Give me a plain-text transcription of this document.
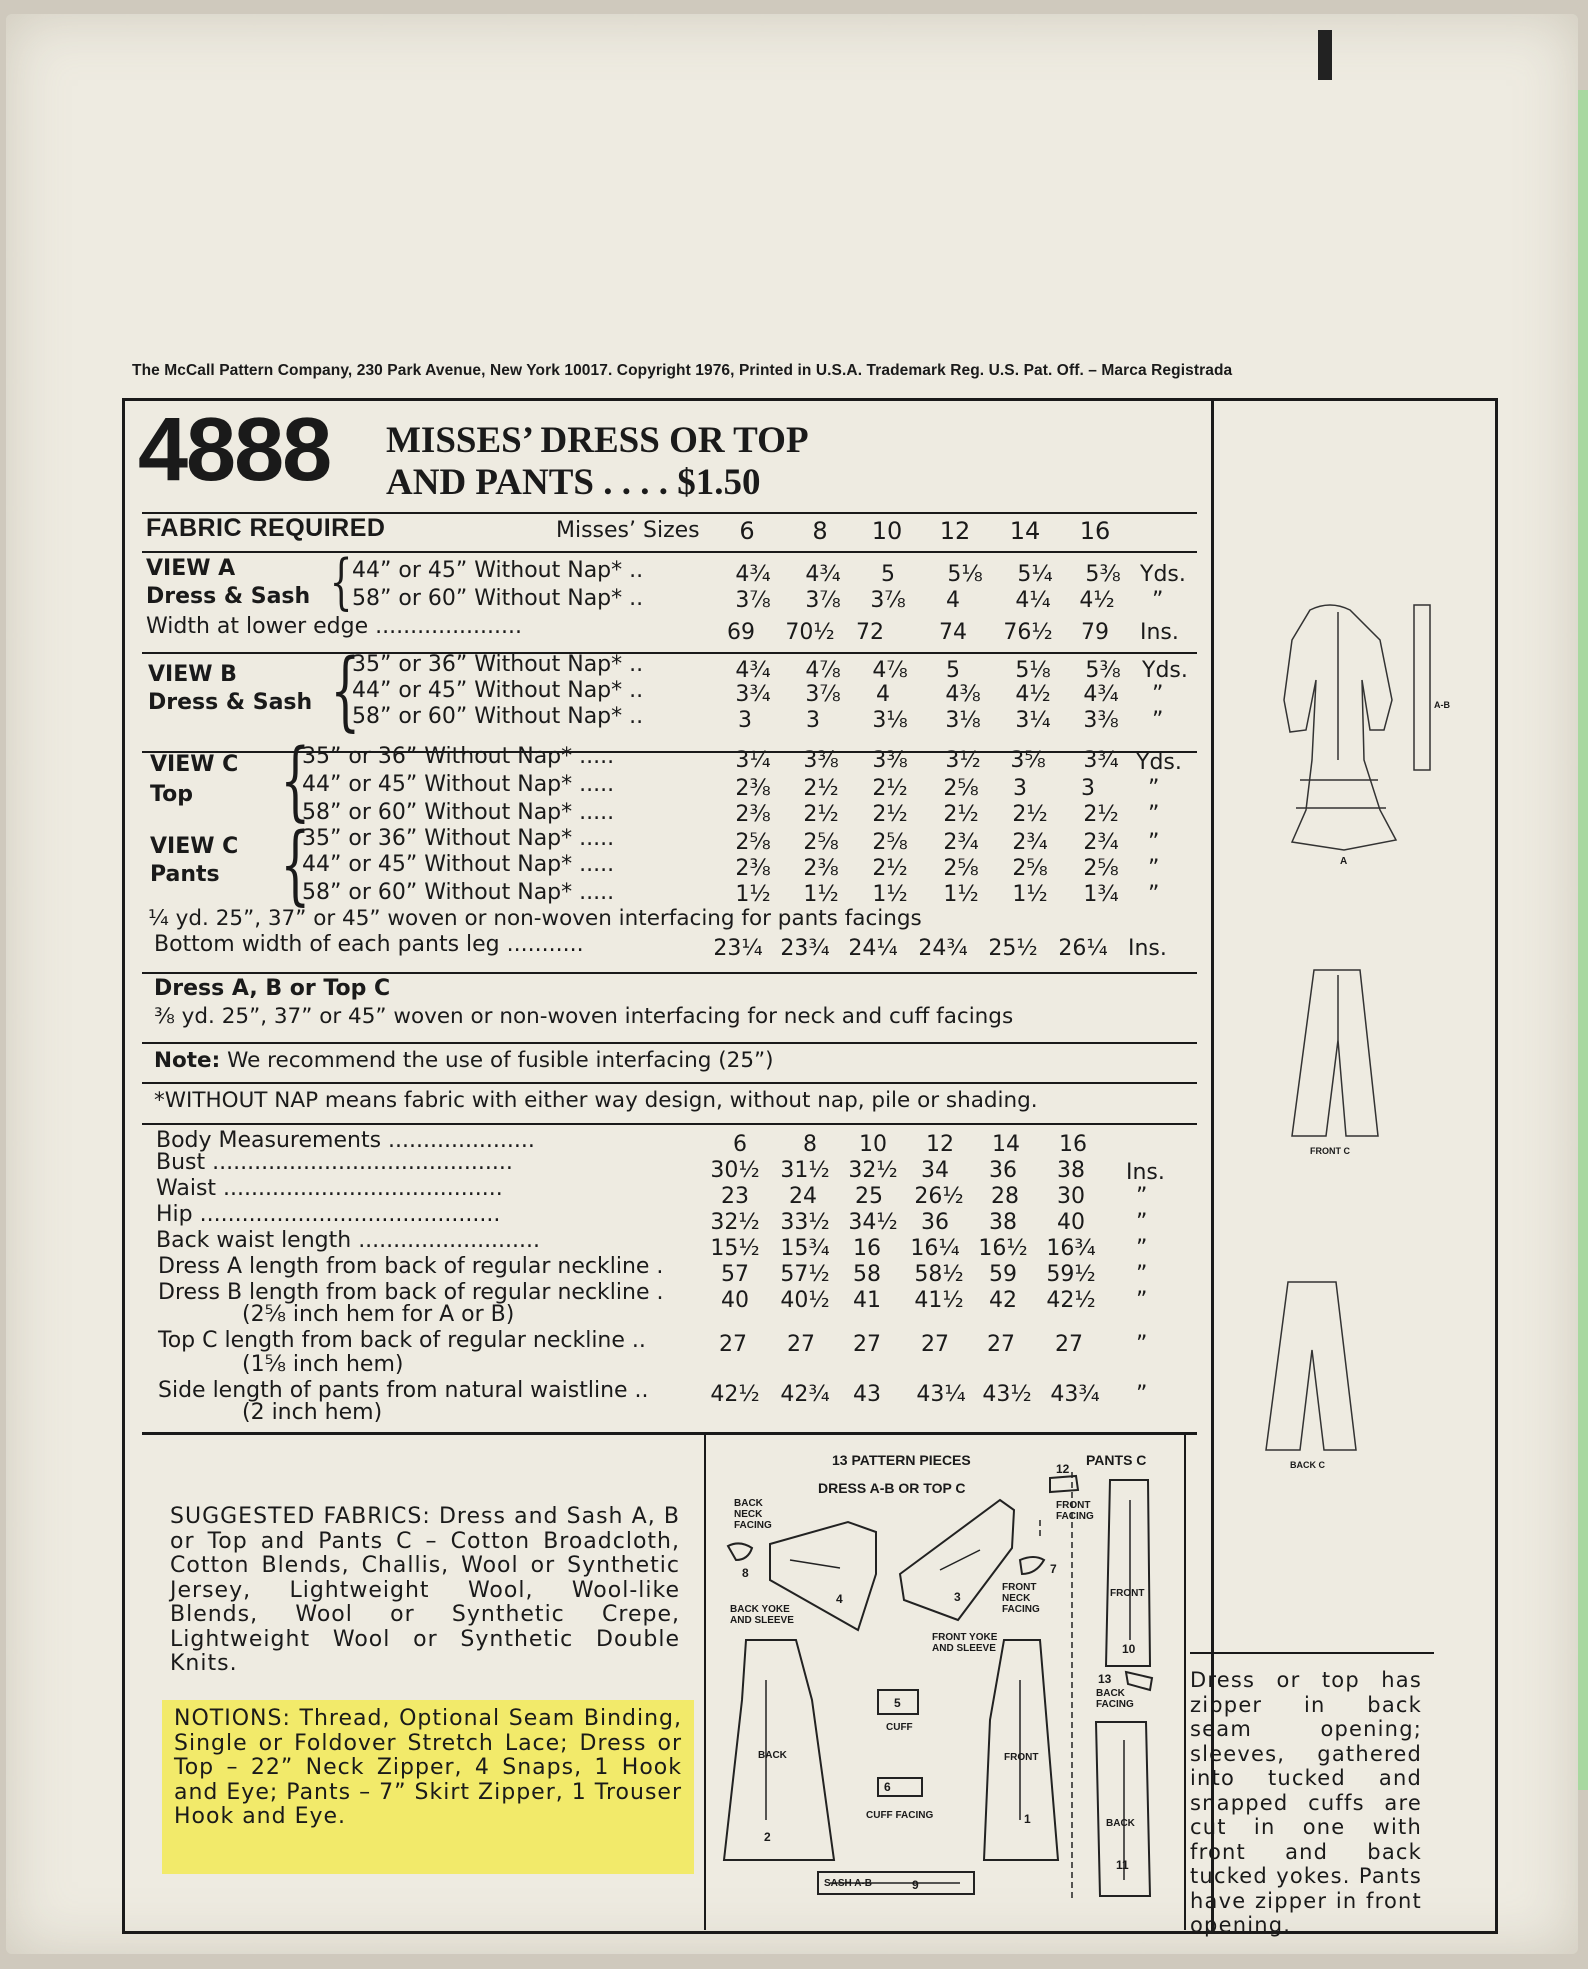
The McCall Pattern Company, 230 Park Avenue, New York 10017. Copyright 1976, Printed in U.S.A. Trademark Reg. U.S. Pat. Off. – Marca Registrada
4888 MISSES’ DRESS OR TOP
AND PANTS . . . . $1.50
FABRIC REQUIRED	Misses’ Sizes	6	8	10	12	14	16
VIEW A
Dress & Sash { 44” or 45” Without Nap* ..	4¾	4¾	5	5⅛	5¼	5⅜ Yds.
58” or 60” Without Nap* ..	3⅞	3⅞	3⅞	4	4¼	4½	”
Width at lower edge .....................	69	70½ 72	74	76½	79	Ins.
VIEW B
Dress & Sash {
35” or 36” Without Nap* ..	4¾	4⅞	4⅞	5	5⅛	5⅜ Yds.
44” or 45” Without Nap* ..	3¾	3⅞	4	4⅜	4½	4¾	”
58” or 60” Without Nap* ..	3	3	3⅛	3⅛	3¼	3⅜	”
VIEW C
Top {
35” or 36” Without Nap* .....	3¼	3⅜	3⅜	3½	3⅝	3¾ Yds.
44” or 45” Without Nap* .....	2⅜	2½	2½	2⅝	3	3	”
58” or 60” Without Nap* .....	2⅜	2½	2½	2½	2½	2½	”
VIEW C
Pants {
35” or 36” Without Nap* .....	2⅝	2⅝	2⅝	2¾	2¾	2¾	”
44” or 45” Without Nap* .....	2⅜	2⅜	2½	2⅝	2⅝	2⅝	”
58” or 60” Without Nap* .....	1½	1½	1½	1½	1½	1¾	”
¼ yd. 25”, 37” or 45” woven or non-woven interfacing for pants facings
Bottom width of each pants leg ...........	23¼ 23¾ 24¼ 24¾ 25½ 26¼ Ins.
Dress A, B or Top C
⅜ yd. 25”, 37” or 45” woven or non-woven interfacing for neck and cuff facings
Note: We recommend the use of fusible interfacing (25”)
*WITHOUT NAP means fabric with either way design, without nap, pile or shading.
Body Measurements .....................	6	8	10	12	14	16
Bust ...........................................	30½ 31½ 32½	34	36	38	Ins.
Waist ........................................	23	24	25	26½	28	30	”
Hip ...........................................	32½ 33½ 34½	36	38	40	”
Back waist length ..........................	15½ 15¾	16	16¼ 16½ 16¾	”
Dress A length from back of regular neckline .	57	57½	58	58½	59	59½	”
Dress B length from back of regular neckline .	40	40½	41	41½	42	42½	”
(2⅝ inch hem for A or B)
Top C length from back of regular neckline ..	27	27	27	27	27	27	”
(1⅝ inch hem)
Side length of pants from natural waistline ..	42½ 42¾	43	43¼ 43½ 43¾	”
(2 inch hem)
SUGGESTED FABRICS: Dress and Sash A, B or Top and Pants C – Cotton Broadcloth, Cotton Blends, Challis, Wool or Synthetic Jersey, Lightweight Wool, Wool-like Blends, Wool or Synthetic Crepe, Lightweight Wool or Synthetic Double Knits.
NOTIONS: Thread, Optional Seam Binding, Single or Foldover Stretch Lace; Dress or Top – 22” Neck Zipper, 4 Snaps, 1 Hook and Eye; Pants – 7” Skirt Zipper, 1 Trouser Hook and Eye.
13 PATTERN PIECES
DRESS A-B OR TOP C
PANTS C
BACK NECK FACING
BACK YOKE AND SLEEVE
FRONT YOKE AND SLEEVE
FRONT NECK FACING
CUFF
CUFF FACING
BACK	FRONT
SASH A-B
FRONT FACING
BACK FACING
FRONT
BACK
1
2
3
4
5
6
7
8
9
10
11
12
13
A
A-B
FRONT C
BACK C
Dress or top has zipper in back seam opening; sleeves, gathered into tucked and snapped cuffs are cut in one with front and back tucked yokes. Pants have zipper in front opening.
